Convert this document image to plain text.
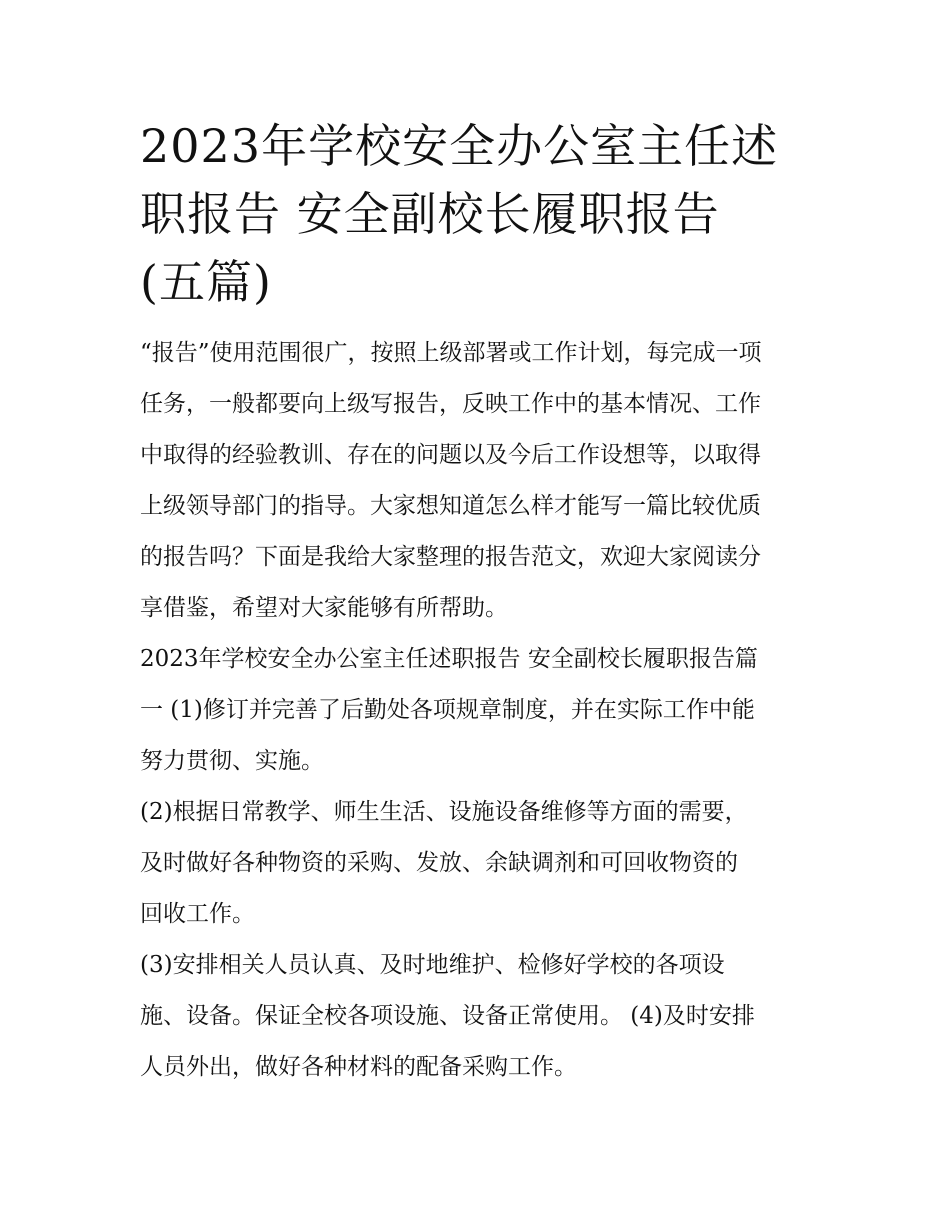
2023年学校安全办公室主任述
职报告 安全副校长履职报告
(五篇)
“报告”使用范围很广，按照上级部署或工作计划，每完成一项
任务，一般都要向上级写报告，反映工作中的基本情况、工作
中取得的经验教训、存在的问题以及今后工作设想等，以取得
上级领导部门的指导。大家想知道怎么样才能写一篇比较优质
的报告吗？下面是我给大家整理的报告范文，欢迎大家阅读分
享借鉴，希望对大家能够有所帮助。
2023年学校安全办公室主任述职报告 安全副校长履职报告篇
一 (1)修订并完善了后勤处各项规章制度，并在实际工作中能
努力贯彻、实施。
(2)根据日常教学、师生生活、设施设备维修等方面的需要，
及时做好各种物资的采购、发放、余缺调剂和可回收物资的
回收工作。
(3)安排相关人员认真、及时地维护、检修好学校的各项设
施、设备。保证全校各项设施、设备正常使用。 (4)及时安排
人员外出，做好各种材料的配备采购工作。
